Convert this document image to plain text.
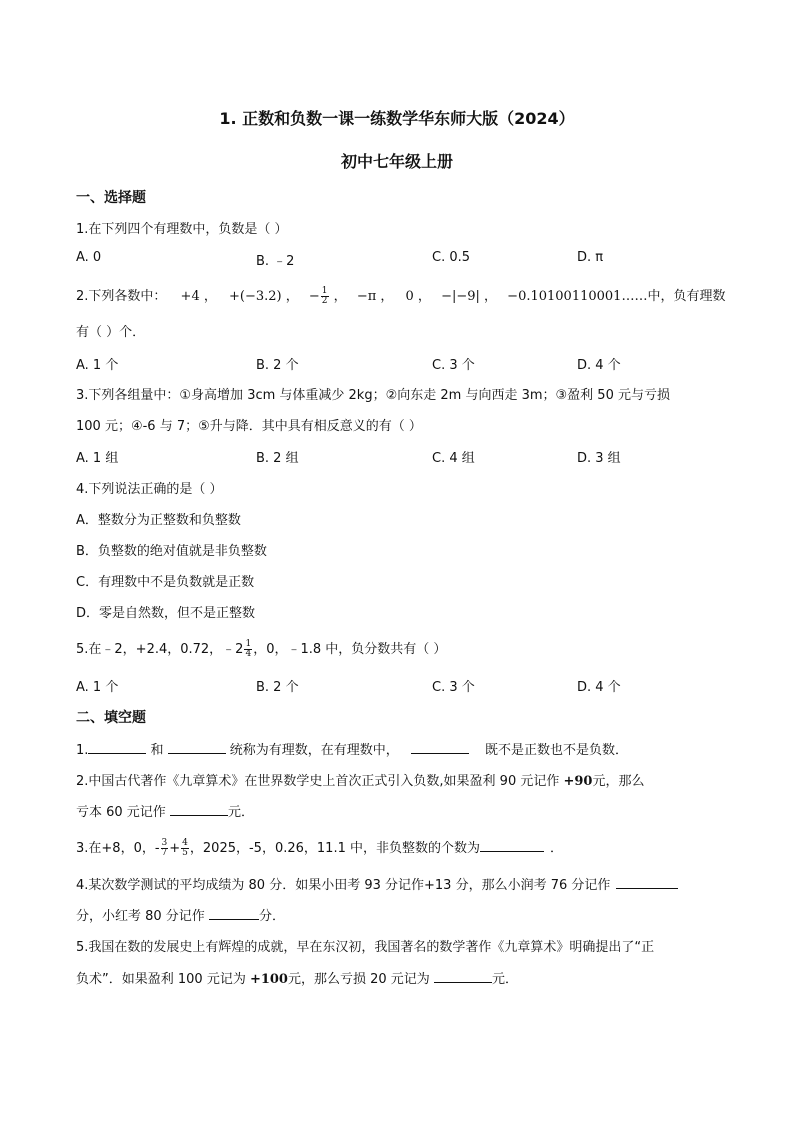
1. 正数和负数一课一练数学华东师大版（2024）
初中七年级上册
一、选择题
1.在下列四个有理数中，负数是（ ）
A. 0	B. ﹣2	C. 0.5	D. π
2.下列各数中： +4 ， +(−3.2) ， − $\frac{1}{2}$ ， −π ， 0 ， −|−9| ， −0.10100110001……中，负有理数
有（ ）个．
A. 1 个	B. 2 个	C. 3 个	D. 4 个
3.下列各组量中：①身高增加 3cm 与体重减少 2kg；②向东走 2m 与向西走 3m；③盈利 50 元与亏损
100 元；④-6 与 7；⑤升与降．其中具有相反意义的有（ ）
A. 1 组	B. 2 组	C. 4 组	D. 3 组
4.下列说法正确的是（ ）
A．整数分为正整数和负整数
B．负整数的绝对值就是非负整数
C．有理数中不是负数就是正数
D．零是自然数，但不是正整数
5.在﹣2，+2.4，0.72，﹣2 $\frac{1}{4}$ ，0，﹣1.8 中，负分数共有（ ）
A. 1 个	B. 2 个	C. 3 个	D. 4 个
二、填空题
1.	和	统称为有理数，在有理数中，	既不是正数也不是负数．
2.中国古代著作《九章算术》在世界数学史上首次正式引入负数,如果盈利 90 元记作 +90元，那么
亏本 60 元记作	元．
3.在+8，0，- $\frac{3}{7} + \frac{4}{5}$ ，2025，-5，0.26，11.1 中，非负整数的个数为	．
4.某次数学测试的平均成绩为 80 分．如果小田考 93 分记作+13 分，那么小润考 76 分记作
分，小红考 80 分记作	分．
5.我国在数的发展史上有辉煌的成就，早在东汉初，我国著名的数学著作《九章算术》明确提出了“正
负术”．如果盈利 100 元记为 +100元，那么亏损 20 元记为	元．
